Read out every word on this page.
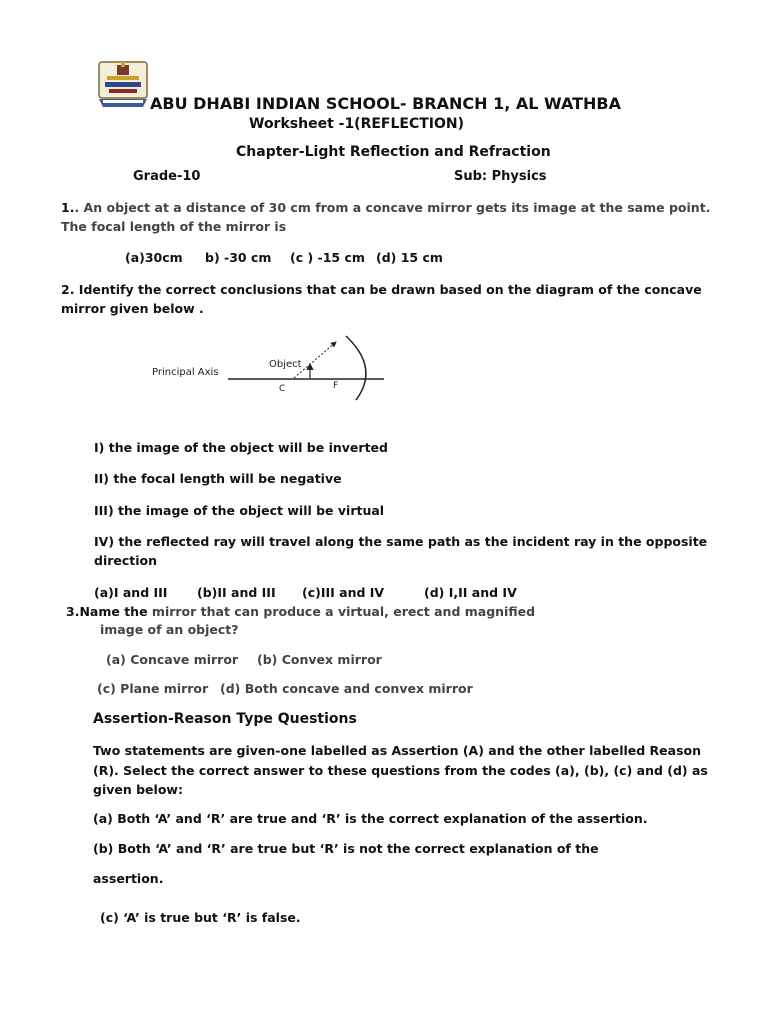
ABU DHABI INDIAN SCHOOL- BRANCH 1, AL WATHBA

Worksheet -1(REFLECTION)

Chapter-Light Reflection and Refraction

Grade-10	Sub: Physics

1.. An object at a distance of 30 cm from a concave mirror gets its image at the same point.

The focal length of the mirror is

(a)30cm b) -30 cm (c ) -15 cm (d) 15 cm

2. Identify the correct conclusions that can be drawn based on the diagram of the concave

mirror given below .

Principal Axis
Object
C	F

I) the image of the object will be inverted

II) the focal length will be negative

III) the image of the object will be virtual

IV) the reflected ray will travel along the same path as the incident ray in the opposite

direction

(a)I and III (b)II and III (c)III and IV	(d) I,II and IV

3.Name the mirror that can produce a virtual, erect and magnified

image of an object?

(a) Concave mirror (b) Convex mirror

(c) Plane mirror (d) Both concave and convex mirror

Assertion-Reason Type Questions

Two statements are given-one labelled as Assertion (A) and the other labelled Reason

(R). Select the correct answer to these questions from the codes (a), (b), (c) and (d) as

given below:

(a) Both ‘A’ and ‘R’ are true and ‘R’ is the correct explanation of the assertion.

(b) Both ‘A’ and ‘R’ are true but ‘R’ is not the correct explanation of the

assertion.

(c) ‘A’ is true but ‘R’ is false.
